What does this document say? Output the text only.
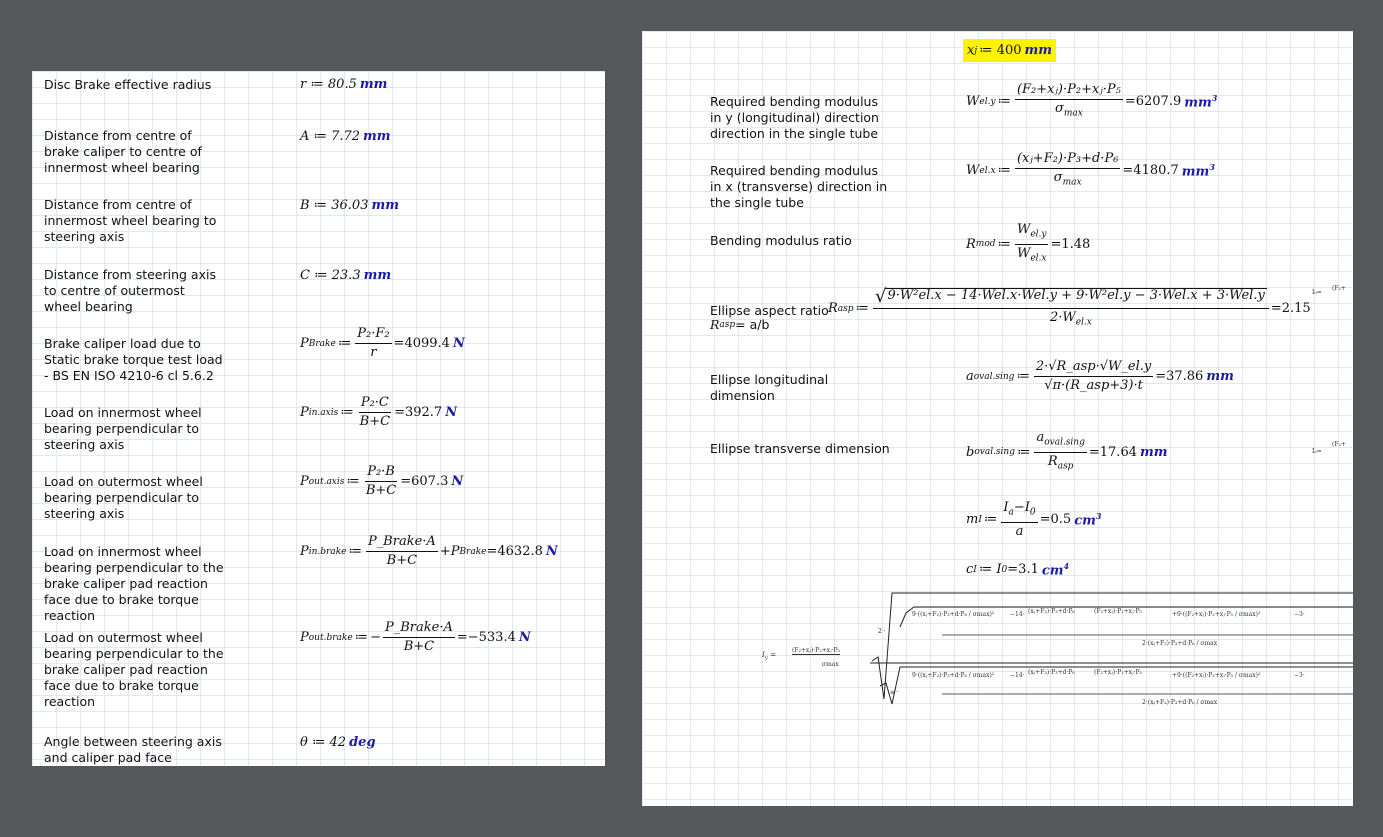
Disc Brake effective radius	r ≔ 80.5 mm
Distance from centre of
brake caliper to centre of
innermost wheel bearing
A ≔ 7.72 mm
Distance from centre of
innermost wheel bearing to
steering axis
B ≔ 36.03 mm
Distance from steering axis
to centre of outermost
wheel bearing
C ≔ 23.3 mm
Brake caliper load due to
Static brake torque test load
- BS EN ISO 4210-6 cl 5.6.2
P Brake ≔ $\frac{\text{P₂·F₂}}{r} =4099.4$ N
Load on innermost wheel
bearing perpendicular to
steering axis
P in.axis ≔ $\frac{\text{P₂·C}}{B+C} =392.7$ N
Load on outermost wheel
bearing perpendicular to
steering axis
P out.axis ≔ $\frac{\text{P₂·B}}{B+C} =607.3$ N
Load on innermost wheel
bearing perpendicular to the
brake caliper pad reaction
face due to brake torque
reaction
P in.brake ≔ $\frac{\text{P\_Brake·A}}{B+C} +P$ Brake =4632.8 N
Load on outermost wheel
bearing perpendicular to the
brake caliper pad reaction
face due to brake torque
reaction
P out.brake ≔ − $\frac{\text{P\_Brake·A}}{B+C} =-533.4$ N
Angle between steering axis
and caliper pad face
θ ≔ 42 deg
x j ≔ 400 mm
Required bending modulus
in y (longitudinal) direction
direction in the single tube
W el.y ≔ $\frac{\text{(F₂+xⱼ)·P₂+xⱼ·P₅}}{\sigma_{max}} =6207.9$ $mm^3$
Required bending modulus
in x (transverse) direction in
the single tube
W el.x ≔ $\frac{\text{(xⱼ+F₂)·P₃+d·P₆}}{\sigma_{max}} =4180.7$ $mm^3$
Bending modulus ratio	R mod ≔ $\frac{W_{el.y}}{W_{el.x}} =1.48$
Ellipse aspect ratio
R asp = a/b
R asp ≔ $\frac{\text{√ 9·W²el.x − 14·Wel.x·Wel.y + 9·W²el.y − 3·Wel.x + 3·Wel.y}}{2\cdot W_{el.x}} =2.15$
Ellipse longitudinal
dimension
a oval.sing ≔ $\frac{\text{2·√R\_asp·√W\_el.y}}{\text{√π·(R\_asp+3)·t}} =37.86$ mm
Ellipse transverse dimension	b oval.sing ≔ $\frac{a_{oval.sing}}{R_{asp}} =17.64$ mm
m I ≔ $\frac{I_a-I_0}{a} =0.5$ $cm^3$
c I ≔ I 0 =3.1 $cm^4$
$I_y$ =
(F₂+xⱼ)·P₂+xⱼ·P₅
σmax
2 ·
9·((xⱼ+F₂)·P₃+d·P₆ / σmax)²	−14· (xⱼ+F₂)·P₃+d·P₆	(F₂+xⱼ)·P₂+xⱼ·P₅	+9·((F₂+xⱼ)·P₂+xⱼ·P₅ / σmax)²	−3·
2·(xⱼ+F₂)·P₃+d·P₆ / σmax
9·((xⱼ+F₂)·P₃+d·P₆ / σmax)²	−14· (xⱼ+F₂)·P₃+d·P₆	(F₂+xⱼ)·P₂+xⱼ·P₅	+9·((F₂+xⱼ)·P₂+xⱼ·P₅ / σmax)²	−3·
2·(xⱼ+F₂)·P₃+d·P₆ / σmax
≡ ·
I₀=
(F₂+
Iₐ=
(F₂+
